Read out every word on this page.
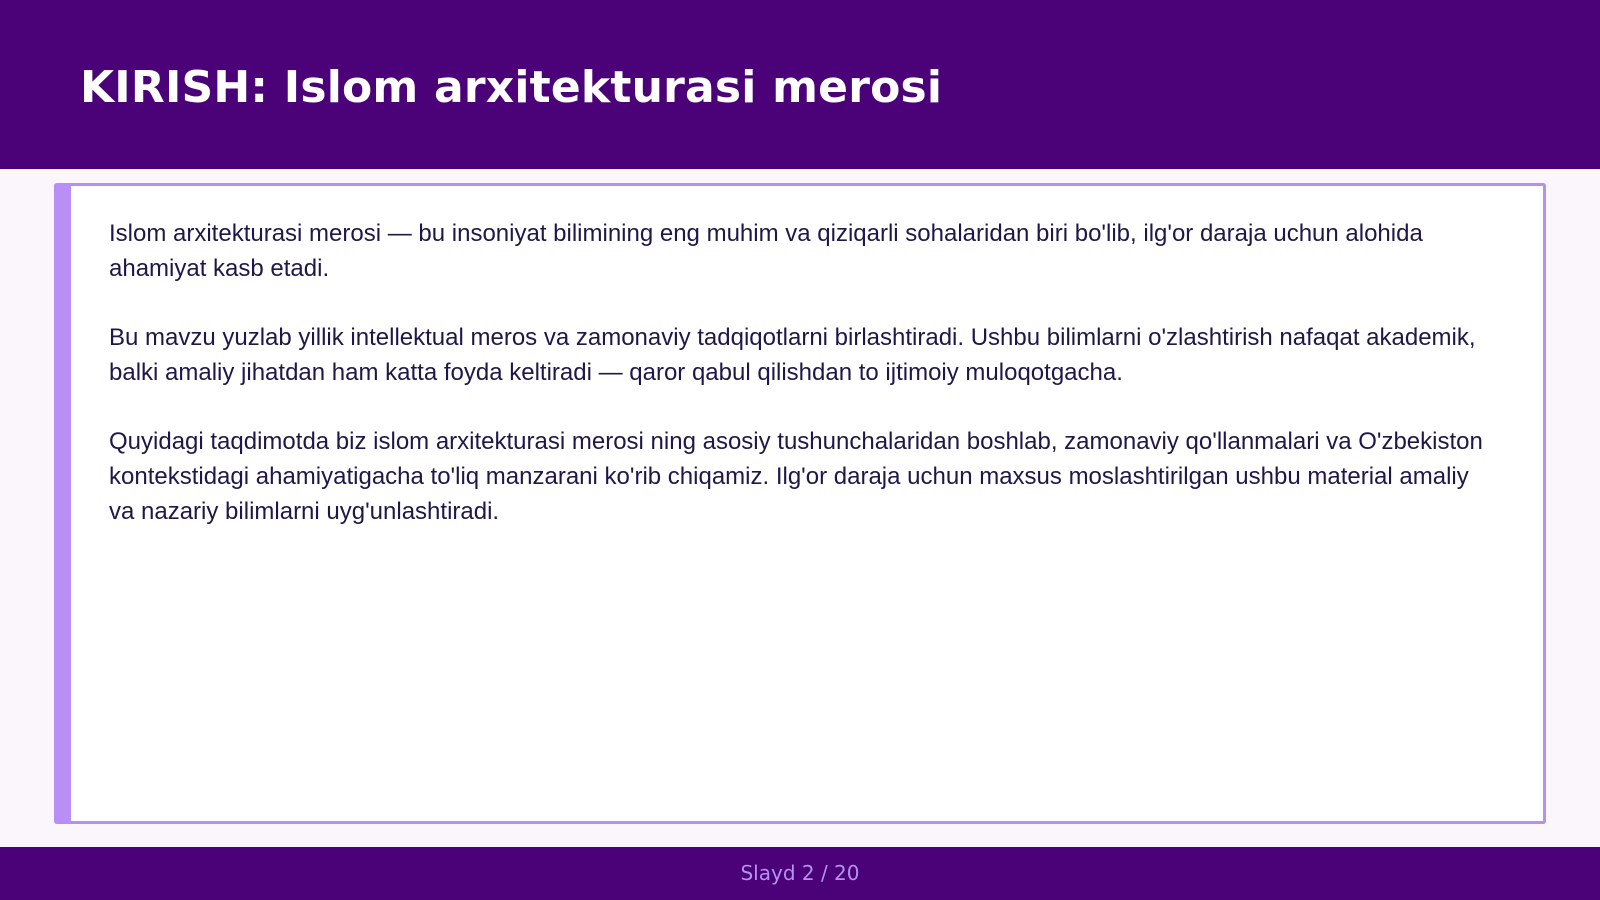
KIRISH: Islom arxitekturasi merosi

Islom arxitekturasi merosi — bu insoniyat bilimining eng muhim va qiziqarli sohalaridan biri bo'lib, ilg'or daraja uchun alohida ahamiyat kasb etadi.

Bu mavzu yuzlab yillik intellektual meros va zamonaviy tadqiqotlarni birlashtiradi. Ushbu bilimlarni o'zlashtirish nafaqat akademik, balki amaliy jihatdan ham katta foyda keltiradi — qaror qabul qilishdan to ijtimoiy muloqotgacha.

Quyidagi taqdimotda biz islom arxitekturasi merosi ning asosiy tushunchalaridan boshlab, zamonaviy qo'llanmalari va O'zbekiston kontekstidagi ahamiyatigacha to'liq manzarani ko'rib chiqamiz. Ilg'or daraja uchun maxsus moslashtirilgan ushbu material amaliy va nazariy bilimlarni uyg'unlashtiradi.

Slayd 2 / 20
